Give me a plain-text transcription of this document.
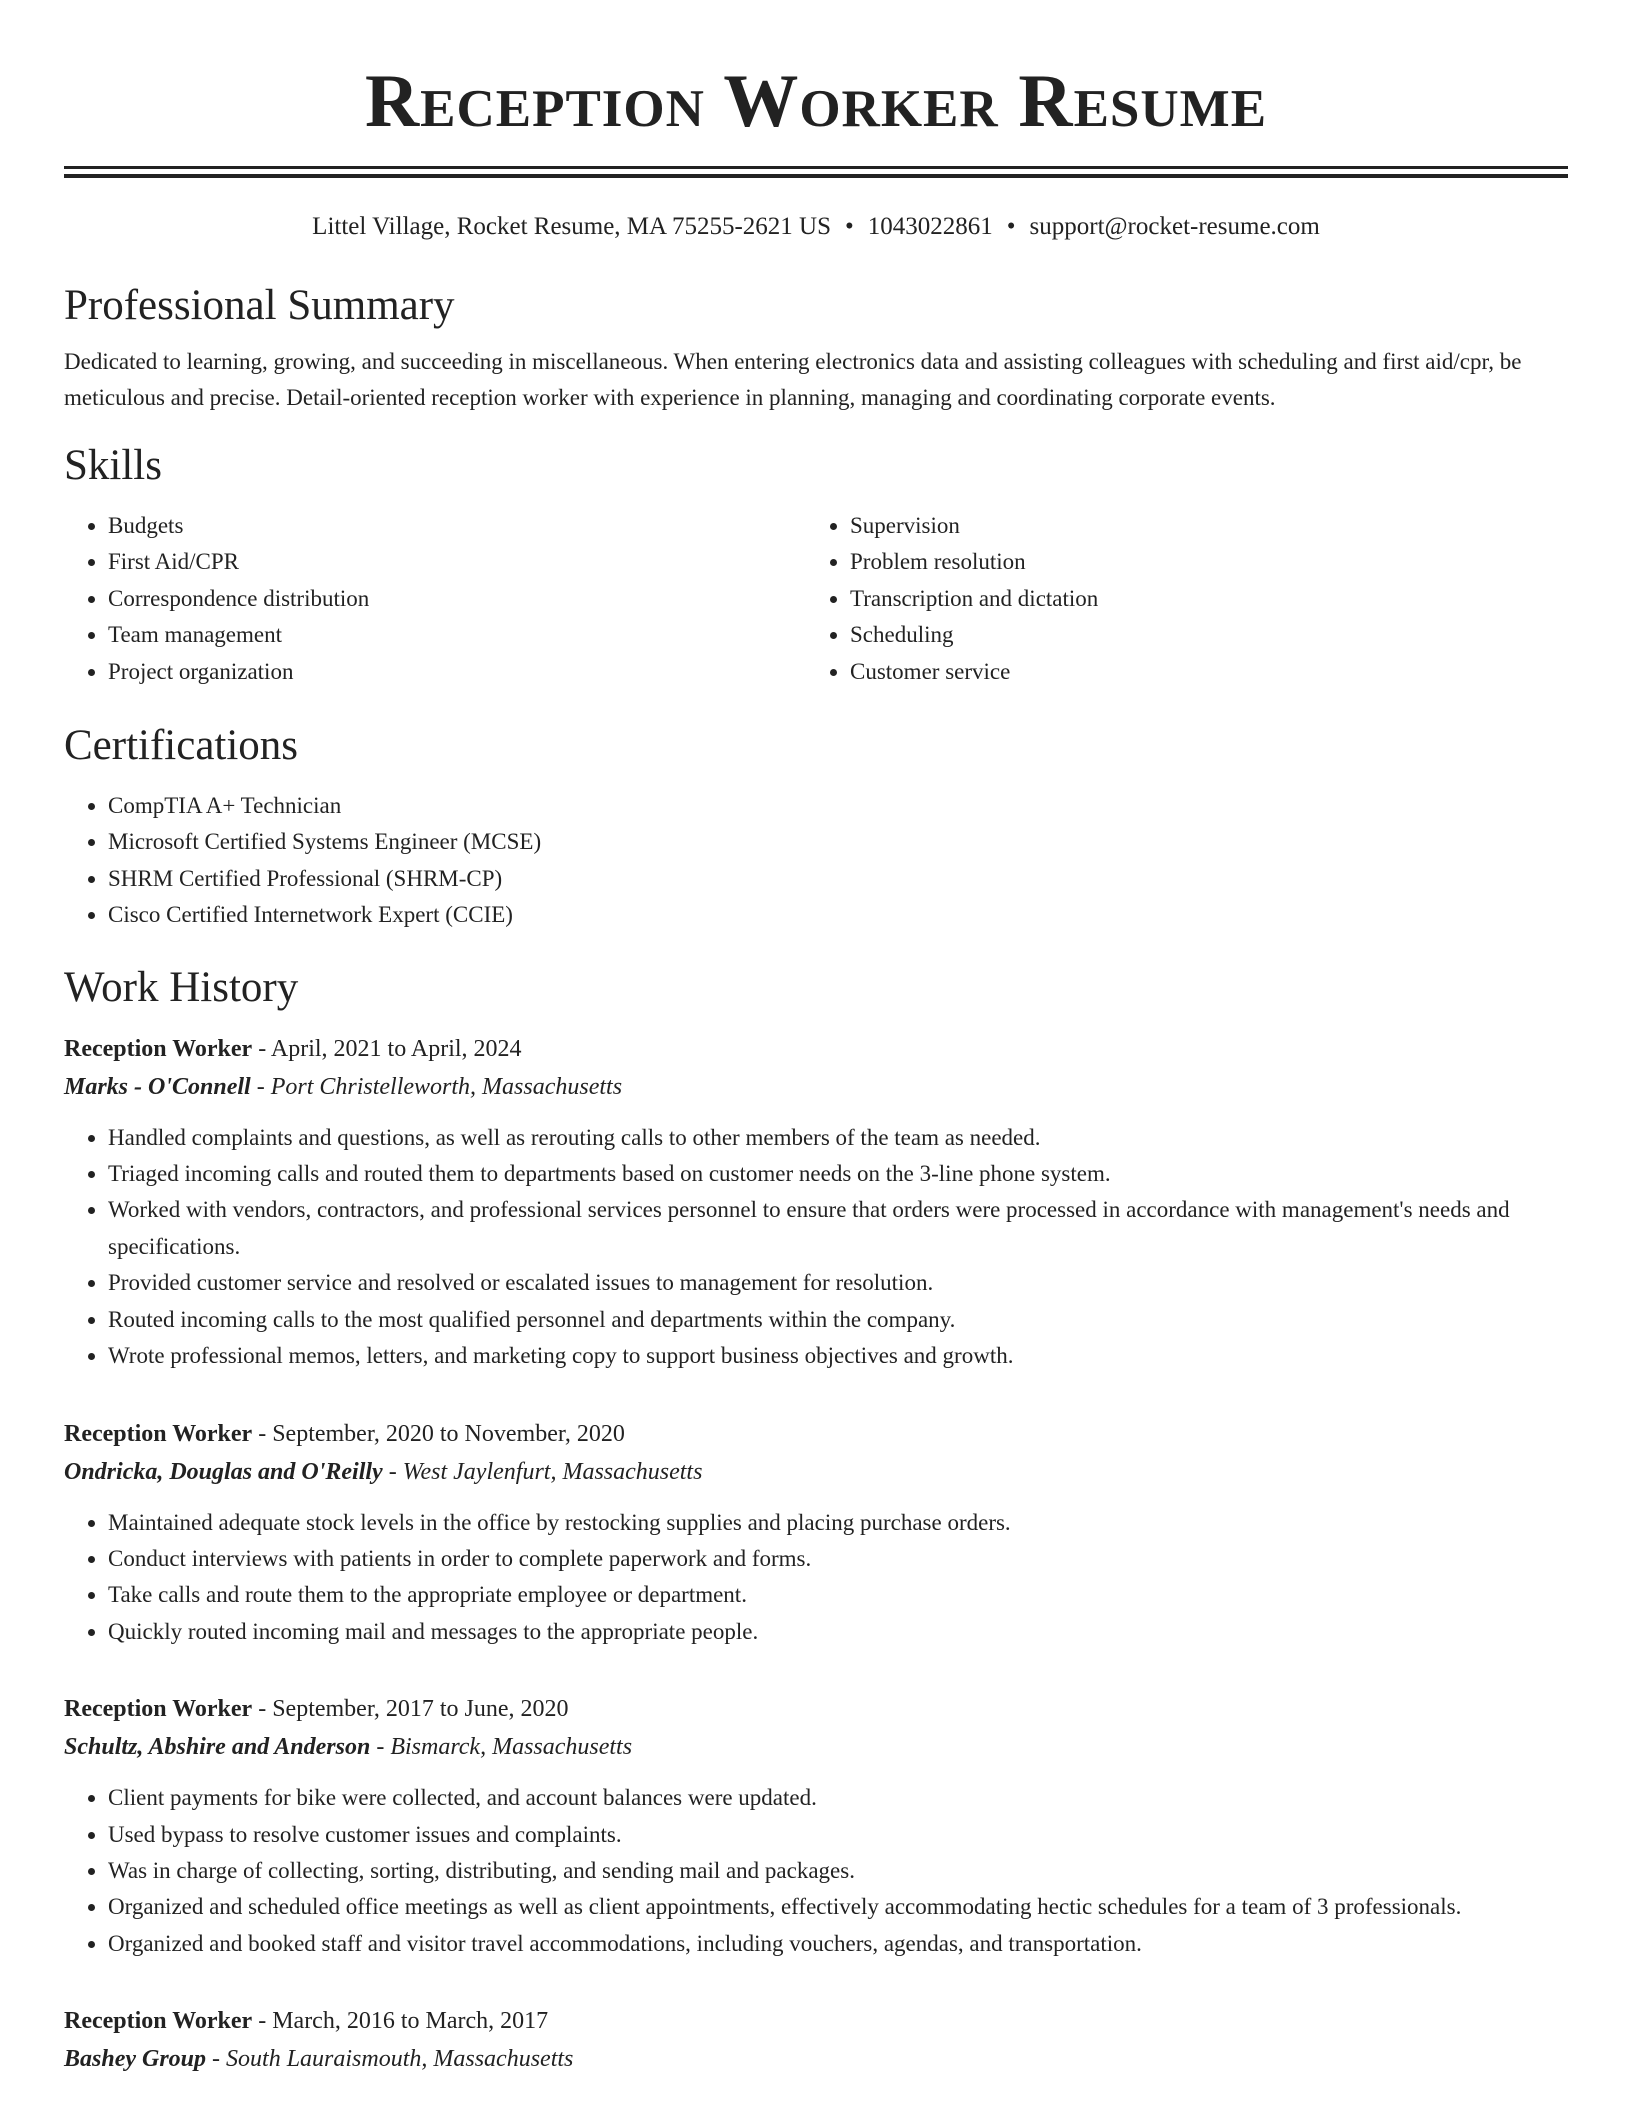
Reception Worker Resume
Littel Village, Rocket Resume, MA 75255-2621 US • 1043022861 • support@rocket-resume.com
Professional Summary

Dedicated to learning, growing, and succeeding in miscellaneous. When entering electronics data and assisting colleagues with scheduling and first aid/cpr, be meticulous and precise. Detail-oriented reception worker with experience in planning, managing and coordinating corporate events.

Skills
• Budgets
• First Aid/CPR
• Correspondence distribution
• Team management
• Project organization
• Supervision
• Problem resolution
• Transcription and dictation
• Scheduling
• Customer service
Certifications
• CompTIA A+ Technician
• Microsoft Certified Systems Engineer (MCSE)
• SHRM Certified Professional (SHRM-CP)
• Cisco Certified Internetwork Expert (CCIE)
Work History
Reception Worker - April, 2021 to April, 2024
Marks - O'Connell - Port Christelleworth, Massachusetts
• Handled complaints and questions, as well as rerouting calls to other members of the team as needed.
• Triaged incoming calls and routed them to departments based on customer needs on the 3-line phone system.
• Worked with vendors, contractors, and professional services personnel to ensure that orders were processed in accordance with management's needs and specifications.
• Provided customer service and resolved or escalated issues to management for resolution.
• Routed incoming calls to the most qualified personnel and departments within the company.
• Wrote professional memos, letters, and marketing copy to support business objectives and growth.
Reception Worker - September, 2020 to November, 2020
Ondricka, Douglas and O'Reilly - West Jaylenfurt, Massachusetts
• Maintained adequate stock levels in the office by restocking supplies and placing purchase orders.
• Conduct interviews with patients in order to complete paperwork and forms.
• Take calls and route them to the appropriate employee or department.
• Quickly routed incoming mail and messages to the appropriate people.
Reception Worker - September, 2017 to June, 2020
Schultz, Abshire and Anderson - Bismarck, Massachusetts
• Client payments for bike were collected, and account balances were updated.
• Used bypass to resolve customer issues and complaints.
• Was in charge of collecting, sorting, distributing, and sending mail and packages.
• Organized and scheduled office meetings as well as client appointments, effectively accommodating hectic schedules for a team of 3 professionals.
• Organized and booked staff and visitor travel accommodations, including vouchers, agendas, and transportation.
Reception Worker - March, 2016 to March, 2017
Bashey Group - South Lauraismouth, Massachusetts
